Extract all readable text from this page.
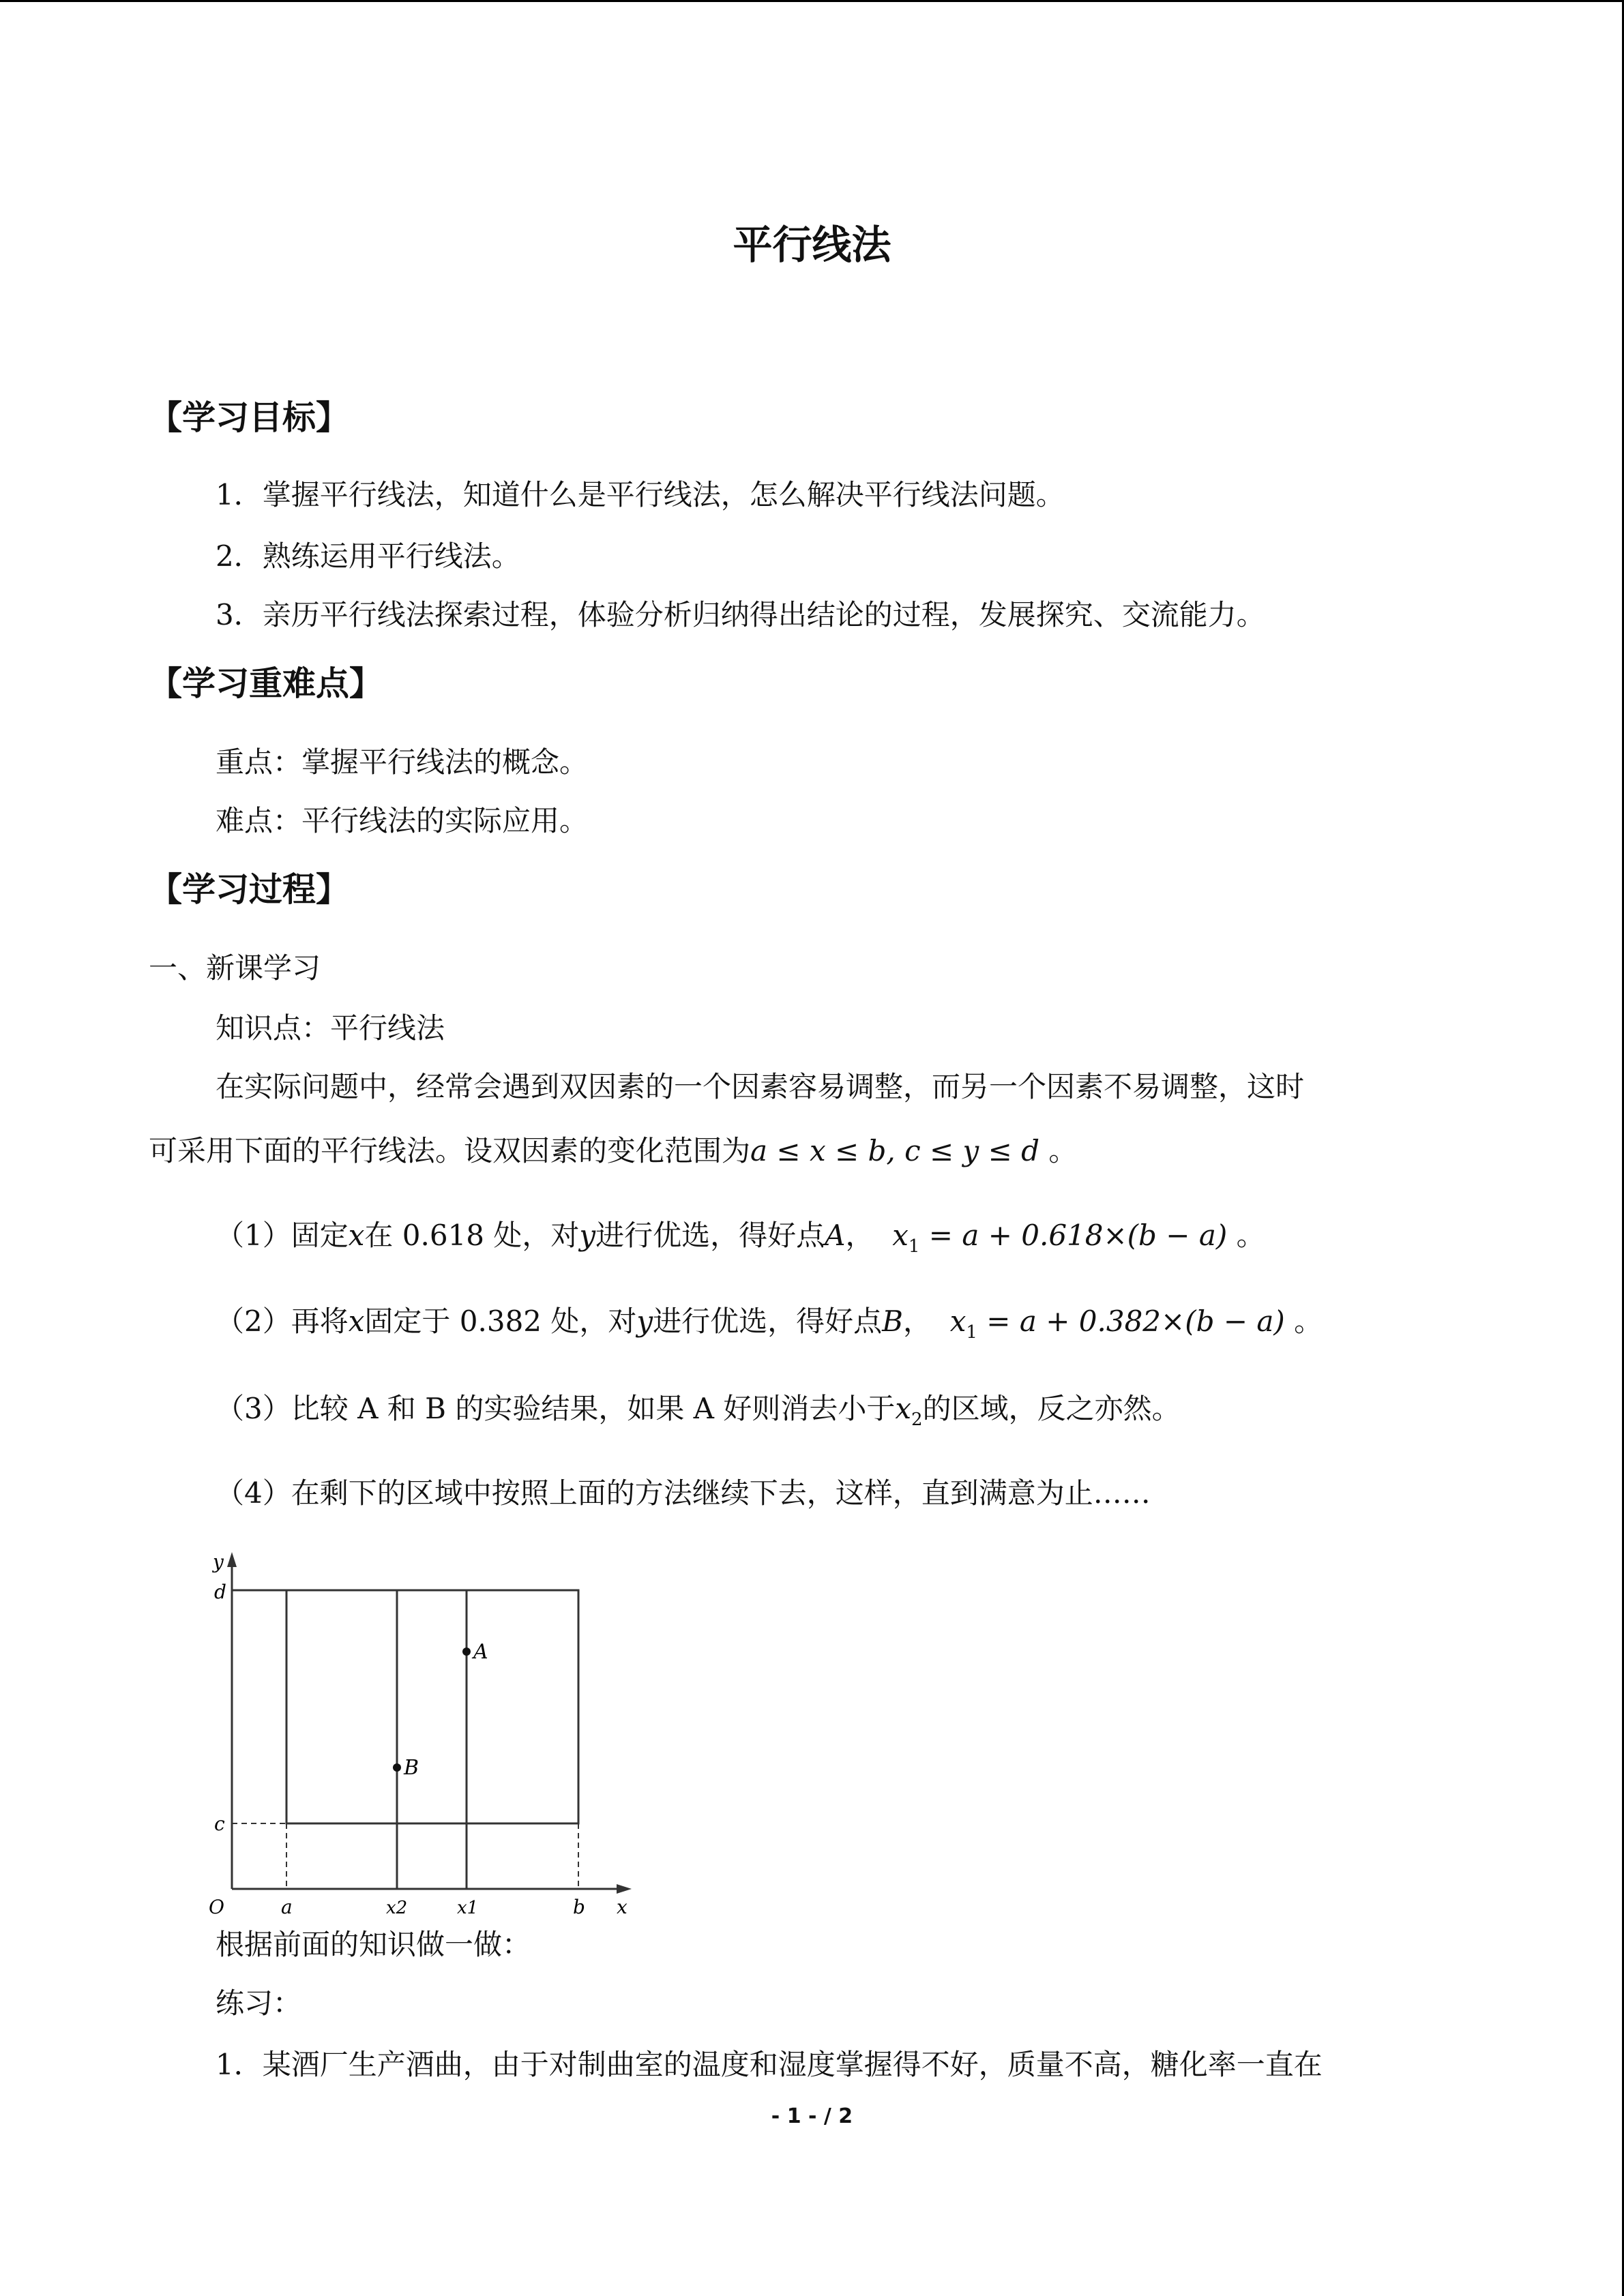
平行线法
【学习目标】
1．掌握平行线法，知道什么是平行线法，怎么解决平行线法问题。
2．熟练运用平行线法。
3．亲历平行线法探索过程，体验分析归纳得出结论的过程，发展探究、交流能力。
【学习重难点】
重点：掌握平行线法的概念。
难点：平行线法的实际应用。
【学习过程】
一、新课学习
知识点：平行线法
在实际问题中，经常会遇到双因素的一个因素容易调整，而另一个因素不易调整，这时
可采用下面的平行线法。设双因素的变化范围为a ≤ x ≤ b, c ≤ y ≤ d 。
（1）固定x在 0.618 处，对y进行优选，得好点A， $x_1 = a + 0.618\times(b - a)$ 。
（2）再将x固定于 0.382 处，对y进行优选，得好点B， $x_1 = a + 0.382\times(b - a)$ 。
（3）比较 A 和 B 的实验结果，如果 A 好则消去小于$x_2$的区域，反之亦然。
（4）在剩下的区域中按照上面的方法继续下去，这样，直到满意为止……
y
d
c
O	a	x2	x1	b x
A
B
根据前面的知识做一做：
练习：
1．某酒厂生产酒曲，由于对制曲室的温度和湿度掌握得不好，质量不高，糖化率一直在
- 1 - / 2
